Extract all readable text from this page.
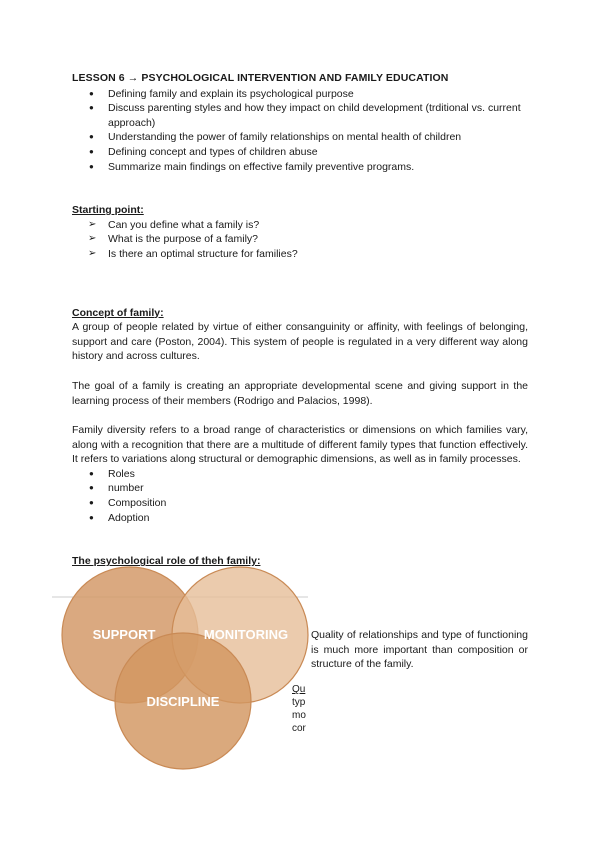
LESSON 6 → PSYCHOLOGICAL INTERVENTION AND FAMILY EDUCATION
● Defining family and explain its psychological purpose
● Discuss parenting styles and how they impact on child development (trditional vs. current approach)
● Understanding the power of family relationships on mental health of children
● Defining concept and types of children abuse
● Summarize main findings on effective family preventive programs.
Starting point:
➢ Can you define what a family is?
➢ What is the purpose of a family?
➢ Is there an optimal structure for families?
Concept of family:

A group of people related by virtue of either consanguinity or affinity, with feelings of belonging, support and care (Poston, 2004). This system of people is regulated in a very different way along history and across cultures.

The goal of a family is creating an appropriate developmental scene and giving support in the learning process of their members (Rodrigo and Palacios, 1998).

Family diversity refers to a broad range of characteristics or dimensions on which families vary, along with a recognition that there are a multitude of different family types that function effectively. It refers to variations along structural or demographic dimensions, as well as in family processes.

● Roles
● number
● Composition
● Adoption
The psychological role of theh family:
SUPPORT	MONITORING
DISCIPLINE

Quality of relationships and type of functioning is much more important than composition or structure of the family.

Qu
typ
mo
cor
